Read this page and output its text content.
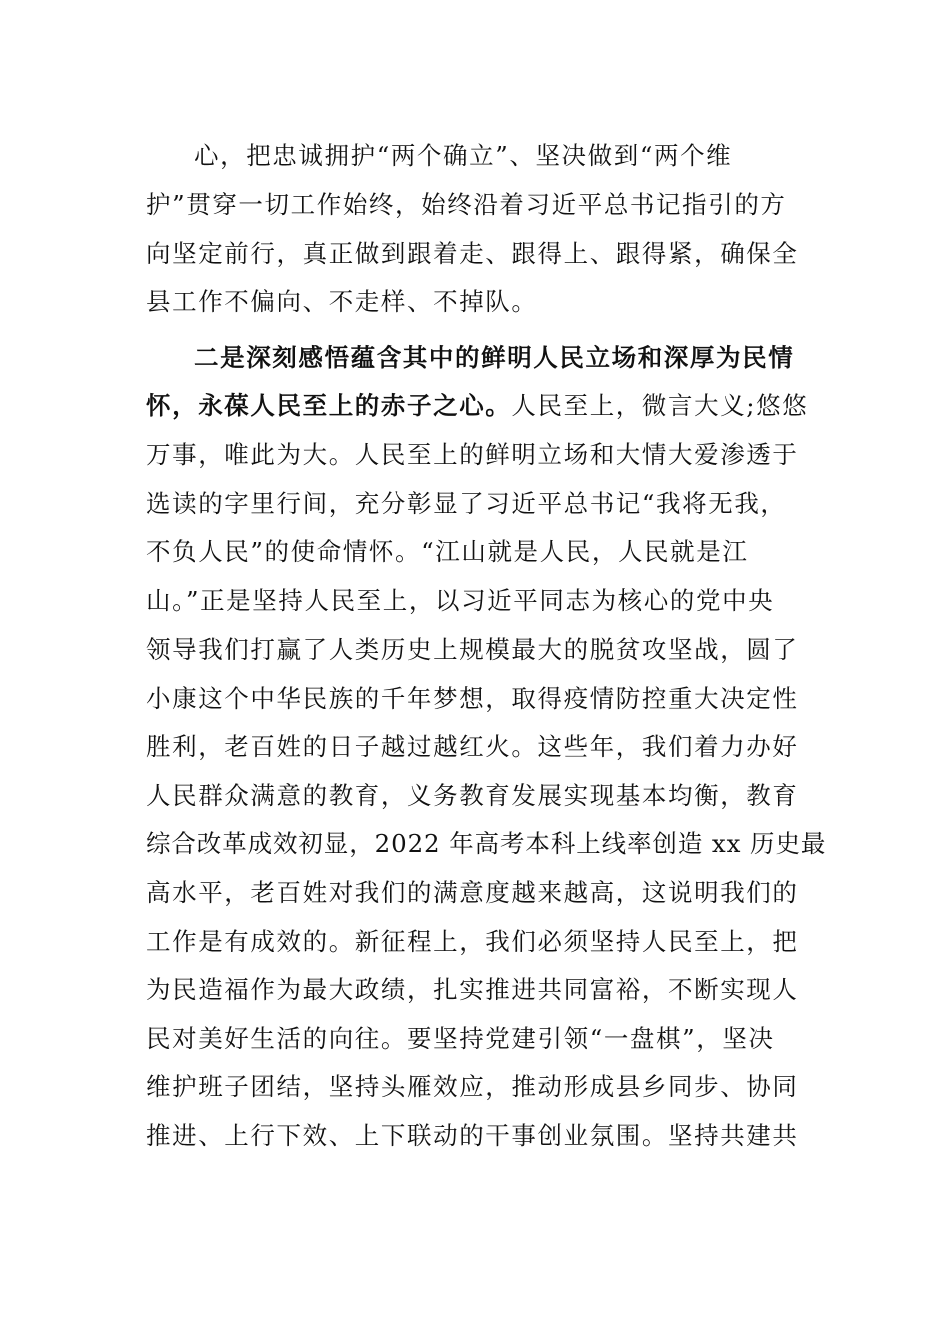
心，把忠诚拥护“两个确立”、坚决做到“两个维
护”贯穿一切工作始终，始终沿着习近平总书记指引的方
向坚定前行，真正做到跟着走、跟得上、跟得紧，确保全
县工作不偏向、不走样、不掉队。
二是深刻感悟蕴含其中的鲜明人民立场和深厚为民情
怀，永葆人民至上的赤子之心。人民至上，微言大义;悠悠
万事，唯此为大。人民至上的鲜明立场和大情大爱渗透于
选读的字里行间，充分彰显了习近平总书记“我将无我，
不负人民”的使命情怀。“江山就是人民，人民就是江
山。”正是坚持人民至上，以习近平同志为核心的党中央
领导我们打赢了人类历史上规模最大的脱贫攻坚战，圆了
小康这个中华民族的千年梦想，取得疫情防控重大决定性
胜利，老百姓的日子越过越红火。这些年，我们着力办好
人民群众满意的教育，义务教育发展实现基本均衡，教育
综合改革成效初显，2022 年高考本科上线率创造 xx 历史最
高水平，老百姓对我们的满意度越来越高，这说明我们的
工作是有成效的。新征程上，我们必须坚持人民至上，把
为民造福作为最大政绩，扎实推进共同富裕，不断实现人
民对美好生活的向往。要坚持党建引领“一盘棋”，坚决
维护班子团结，坚持头雁效应，推动形成县乡同步、协同
推进、上行下效、上下联动的干事创业氛围。坚持共建共
